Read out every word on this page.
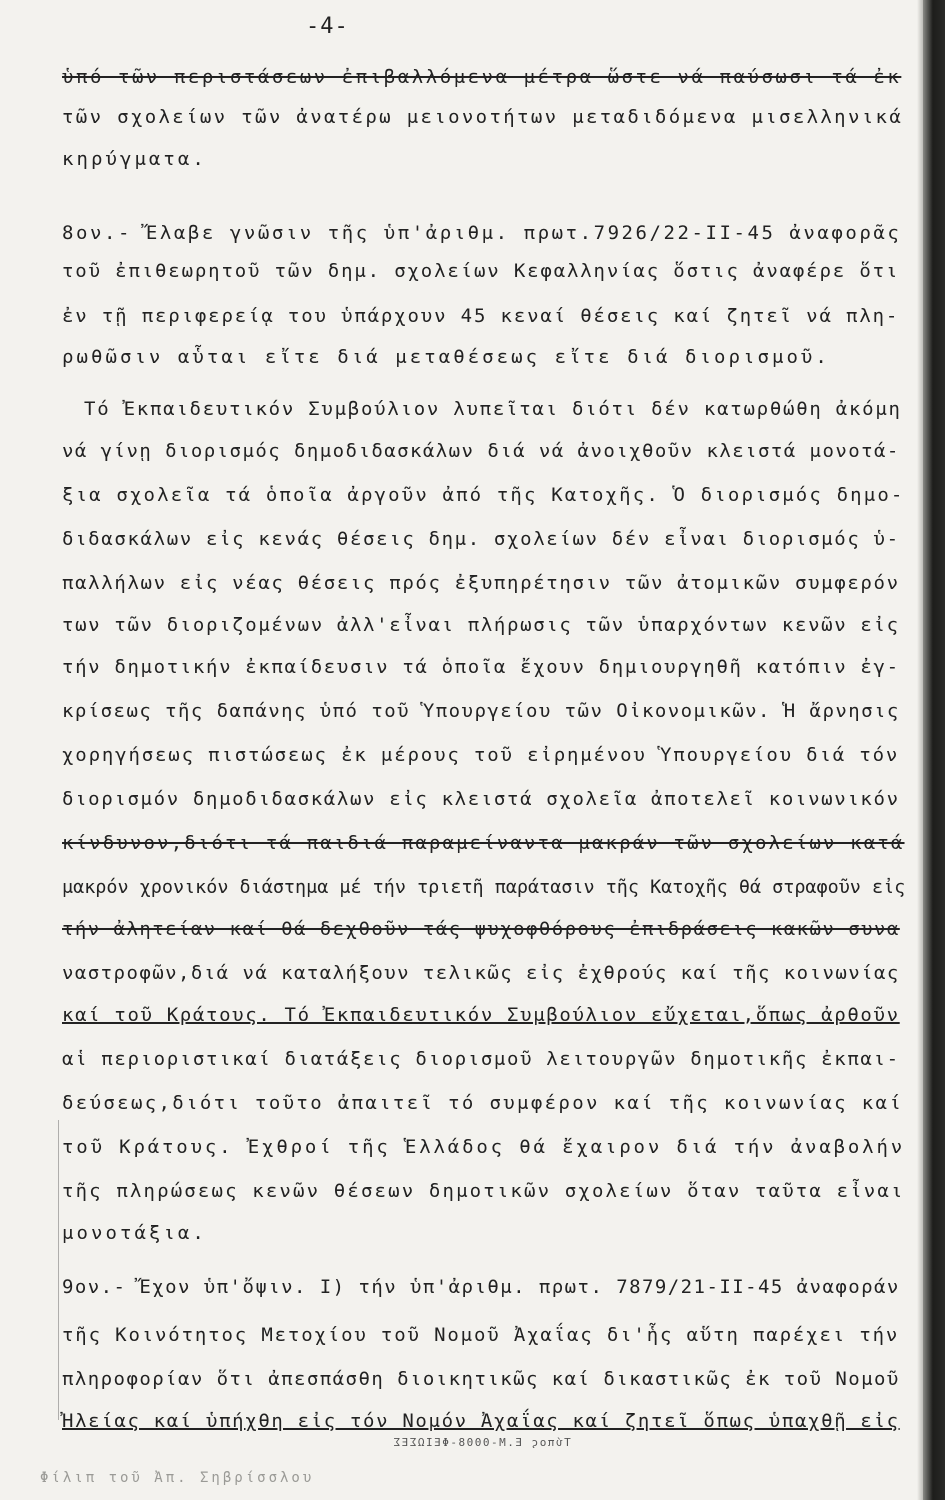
-4-
ὑπό τῶν περιστάσεων ἐπιβαλλόμενα μέτρα ὥστε νά παύσωσι τά ἐκ
τῶν σχολείων τῶν ἀνατέρω μειονοτήτων μεταδιδόμενα μισελληνικά
κηρύγματα.
8ον.- Ἔλαβε γνῶσιν τῆς ὑπ'ἀριθμ. πρωτ.7926/22-ΙΙ-45 ἀναφορᾶς
τοῦ ἐπιθεωρητοῦ τῶν δημ. σχολείων Κεφαλληνίας ὅστις ἀναφέρε ὅτι
ἐν τῇ περιφερείᾳ του ὑπάρχουν 45 κεναί θέσεις καί ζητεῖ νά πλη-
ρωθῶσιν αὗται εἴτε διά μεταθέσεως εἴτε διά διορισμοῦ.
Τό Ἐκπαιδευτικόν Συμβούλιον λυπεῖται διότι δέν κατωρθώθη ἀκόμη
νά γίνῃ διορισμός δημοδιδασκάλων διά νά ἀνοιχθοῦν κλειστά μονοτά-
ξια σχολεῖα τά ὁποῖα ἀργοῦν ἀπό τῆς Κατοχῆς. Ὁ διορισμός δημο-
διδασκάλων εἰς κενάς θέσεις δημ. σχολείων δέν εἶναι διορισμός ὑ-
παλλήλων εἰς νέας θέσεις πρός ἐξυπηρέτησιν τῶν ἀτομικῶν συμφερόν
των τῶν διοριζομένων ἀλλ'εἶναι πλήρωσις τῶν ὑπαρχόντων κενῶν εἰς
τήν δημοτικήν ἐκπαίδευσιν τά ὁποῖα ἔχουν δημιουργηθῆ κατόπιν ἐγ-
κρίσεως τῆς δαπάνης ὑπό τοῦ Ὑπουργείου τῶν Οἰκονομικῶν. Ἡ ἄρνησις
χορηγήσεως πιστώσεως ἐκ μέρους τοῦ εἰρημένου Ὑπουργείου διά τόν
διορισμόν δημοδιδασκάλων εἰς κλειστά σχολεῖα ἀποτελεῖ κοινωνικόν
κίνδυνον,διότι τά παιδιά παραμείναντα μακράν τῶν σχολείων κατά
μακρόν χρονικόν διάστημα μέ τήν τριετῆ παράτασιν τῆς Κατοχῆς θά στραφοῦν εἰς
τήν ἀλητείαν καί θά δεχθοῦν τάς ψυχοφθόρους ἐπιδράσεις κακῶν συνα
ναστροφῶν,διά νά καταλήξουν τελικῶς εἰς ἐχθρούς καί τῆς κοινωνίας
καί τοῦ Κράτους. Τό Ἐκπαιδευτικόν Συμβούλιον εὔχεται,ὅπως ἀρθοῦν
αἱ περιοριστικαί διατάξεις διορισμοῦ λειτουργῶν δημοτικῆς ἐκπαι-
δεύσεως,διότι τοῦτο ἀπαιτεῖ τό συμφέρον καί τῆς κοινωνίας καί
τοῦ Κράτους. Ἐχθροί τῆς Ἑλλάδος θά ἔχαιρον διά τήν ἀναβολήν
τῆς πληρώσεως κενῶν θέσεων δημοτικῶν σχολείων ὅταν ταῦτα εἶναι
μονοτάξια.
9ον.- Ἔχον ὑπ'ὄψιν. Ι) τήν ὑπ'ἀριθμ. πρωτ. 7879/21-ΙΙ-45 ἀναφοράν
τῆς Κοινότητος Μετοχίου τοῦ Νομοῦ Ἀχαΐας δι'ἧς αὕτη παρέχει τήν
πληροφορίαν ὅτι ἀπεσπάσθη διοικητικῶς καί δικαστικῶς ἐκ τοῦ Νομοῦ
Ἠλείας καί ὑπήχθη εἰς τόν Νομόν Ἀχαΐας καί ζητεῖ ὅπως ὑπαχθῇ εἰς
Τύπος Ε.Μ-0008-ΦΕΙΩΣΕΣ
Φίλιπ τοῦ Ἀπ. Σηβρίσσλου
